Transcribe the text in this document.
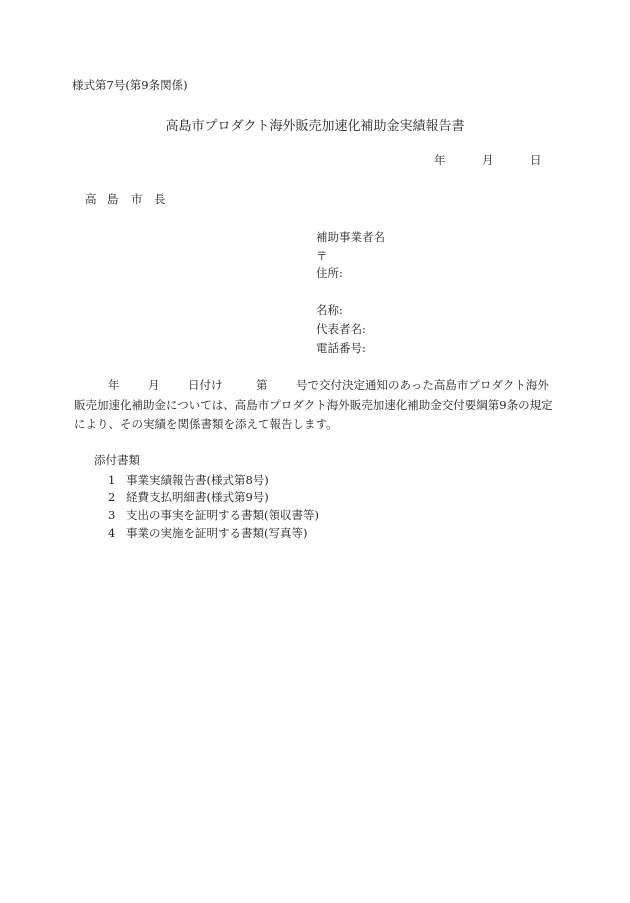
様式第7号(第9条関係)
高島市プロダクト海外販売加速化補助金実績報告書
年	月	日
高 島 市 長
補助事業者名
〒
住所:
名称:
代表者名:
電話番号:
年 月 日付け	第 号で交付決定通知のあった高島市プロダクト海外
販売加速化補助金については、高島市プロダクト海外販売加速化補助金交付要綱第9条の規定
により、その実績を関係書類を添えて報告します。
添付書類
1 事業実績報告書(様式第8号)
2 経費支払明細書(様式第9号)
3 支出の事実を証明する書類(領収書等)
4 事業の実施を証明する書類(写真等)
